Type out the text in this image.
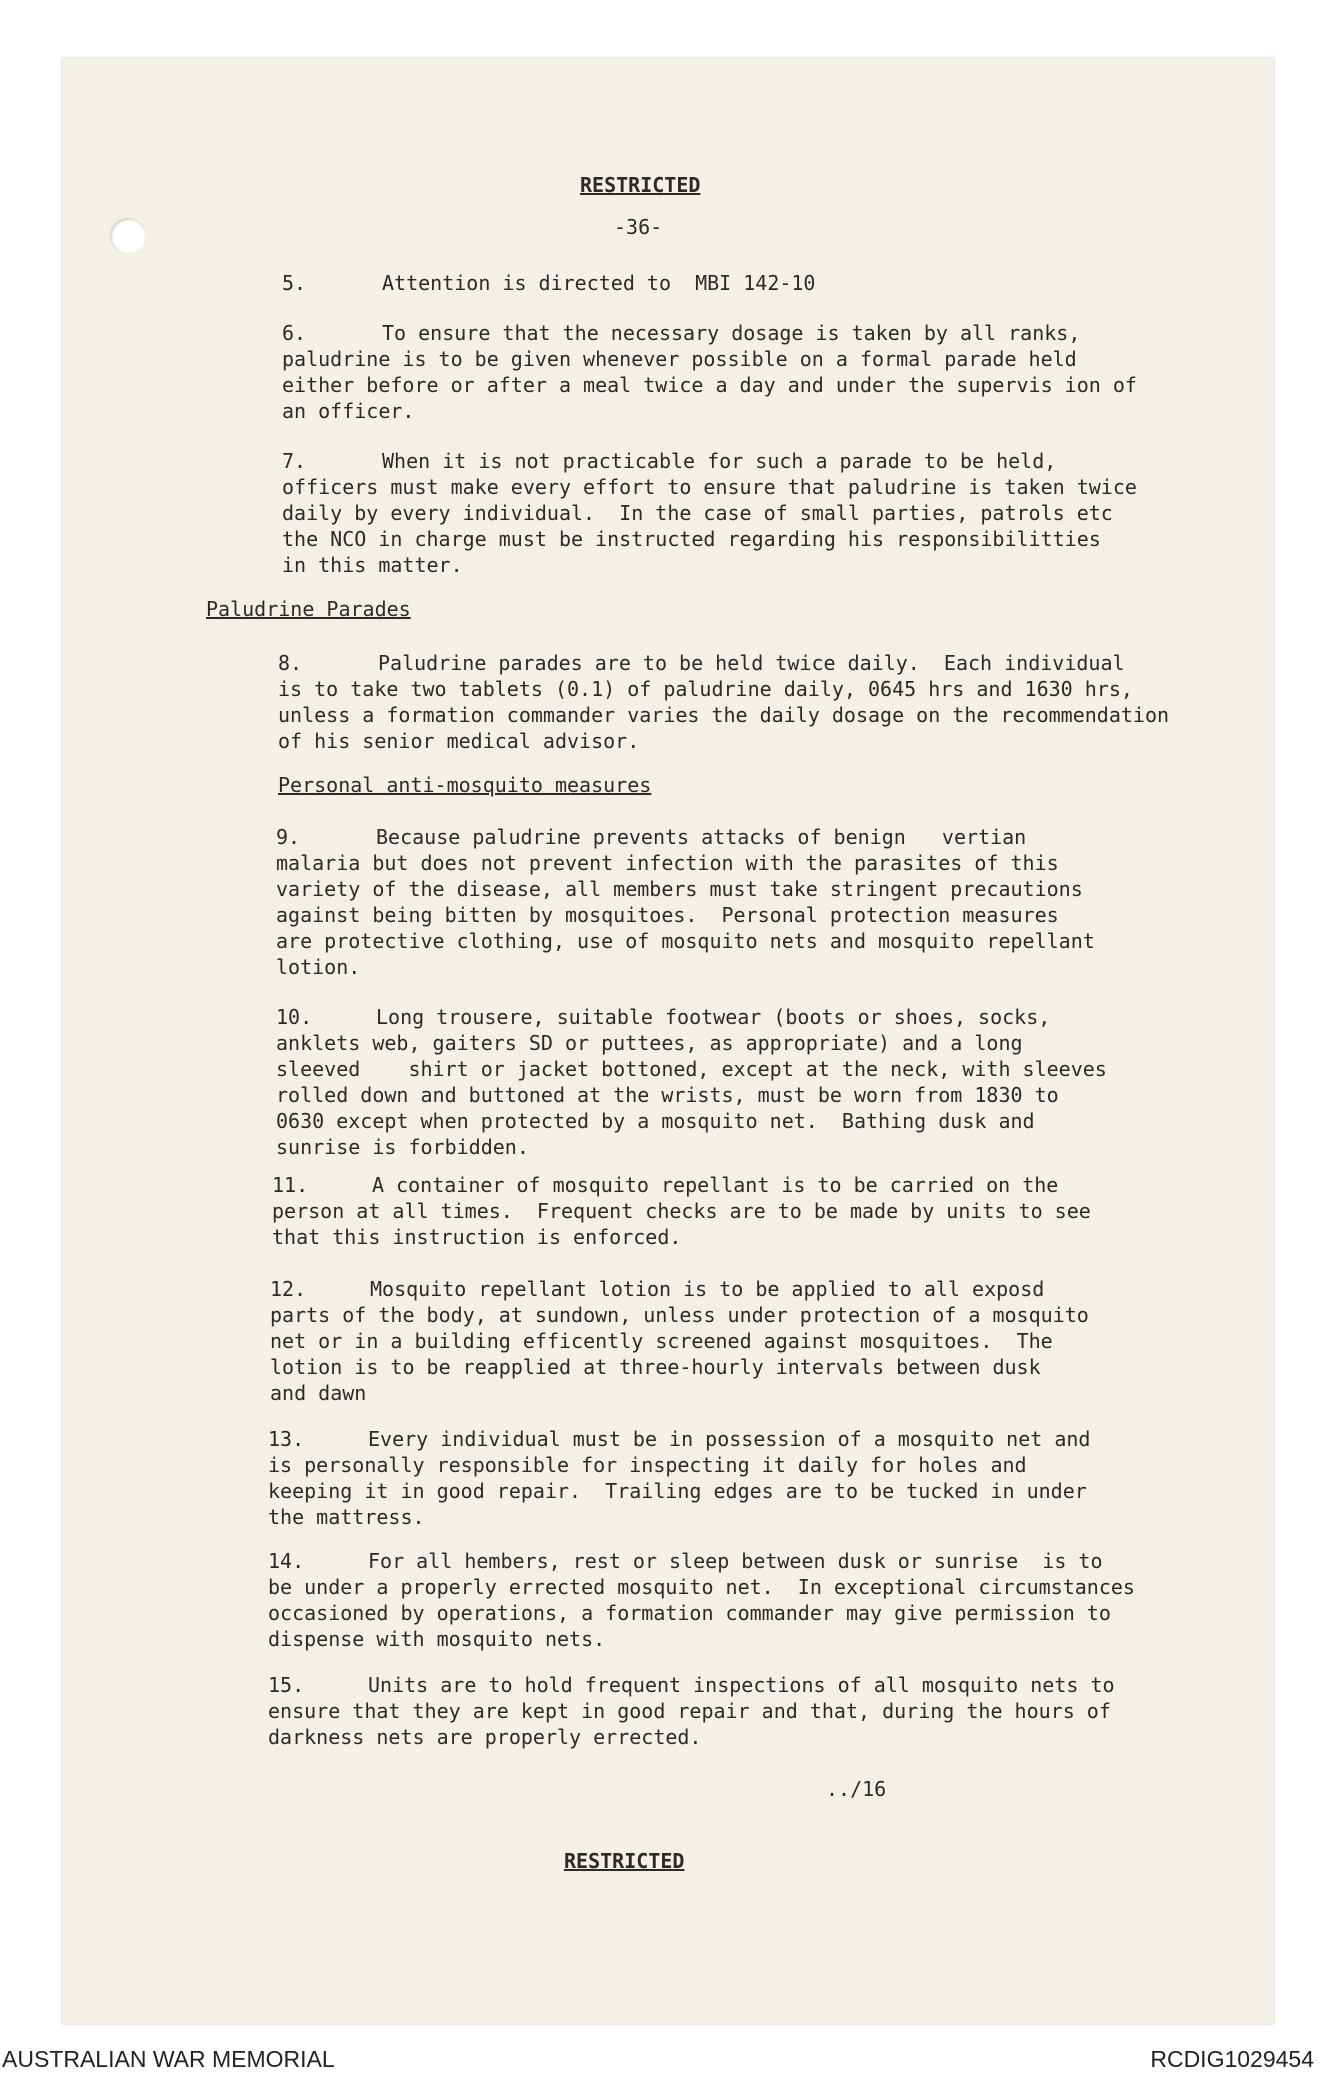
RESTRICTED
-36-
5.	Attention is directed to  MBI 142-10
6.	To ensure that the necessary dosage is taken by all ranks,
paludrine is to be given whenever possible on a formal parade held
either before or after a meal twice a day and under the supervis ion of
an officer.
7.	When it is not practicable for such a parade to be held,
officers must make every effort to ensure that paludrine is taken twice
daily by every individual.  In the case of small parties, patrols etc
the NCO in charge must be instructed regarding his responsibilitties
in this matter.
8.	Paludrine parades are to be held twice daily.  Each individual
is to take two tablets (0.1) of paludrine daily, 0645 hrs and 1630 hrs,
unless a formation commander varies the daily dosage on the recommendation
of his senior medical advisor.
9.	Because paludrine prevents attacks of benign   vertian
malaria but does not prevent infection with the parasites of this
variety of the disease, all members must take stringent precautions
against being bitten by mosquitoes.  Personal protection measures
are protective clothing, use of mosquito nets and mosquito repellant
lotion.
10.	Long trousere, suitable footwear (boots or shoes, socks,
anklets web, gaiters SD or puttees, as appropriate) and a long
sleeved    shirt or jacket bottoned, except at the neck, with sleeves
rolled down and buttoned at the wrists, must be worn from 1830 to
0630 except when protected by a mosquito net.  Bathing dusk and
sunrise is forbidden.
11.	A container of mosquito repellant is to be carried on the
person at all times.  Frequent checks are to be made by units to see
that this instruction is enforced.
12.	Mosquito repellant lotion is to be applied to all exposd
parts of the body, at sundown, unless under protection of a mosquito
net or in a building efficently screened against mosquitoes.  The
lotion is to be reapplied at three-hourly intervals between dusk
and dawn
13.	Every individual must be in possession of a mosquito net and
is personally responsible for inspecting it daily for holes and
keeping it in good repair.  Trailing edges are to be tucked in under
the mattress.
14.	For all hembers, rest or sleep between dusk or sunrise  is to
be under a properly errected mosquito net.  In exceptional circumstances
occasioned by operations, a formation commander may give permission to
dispense with mosquito nets.
15.	Units are to hold frequent inspections of all mosquito nets to
ensure that they are kept in good repair and that, during the hours of
darkness nets are properly errected.
Paludrine Parades
Personal anti-mosquito measures
../16
RESTRICTED
AUSTRALIAN WAR MEMORIAL	RCDIG1029454
